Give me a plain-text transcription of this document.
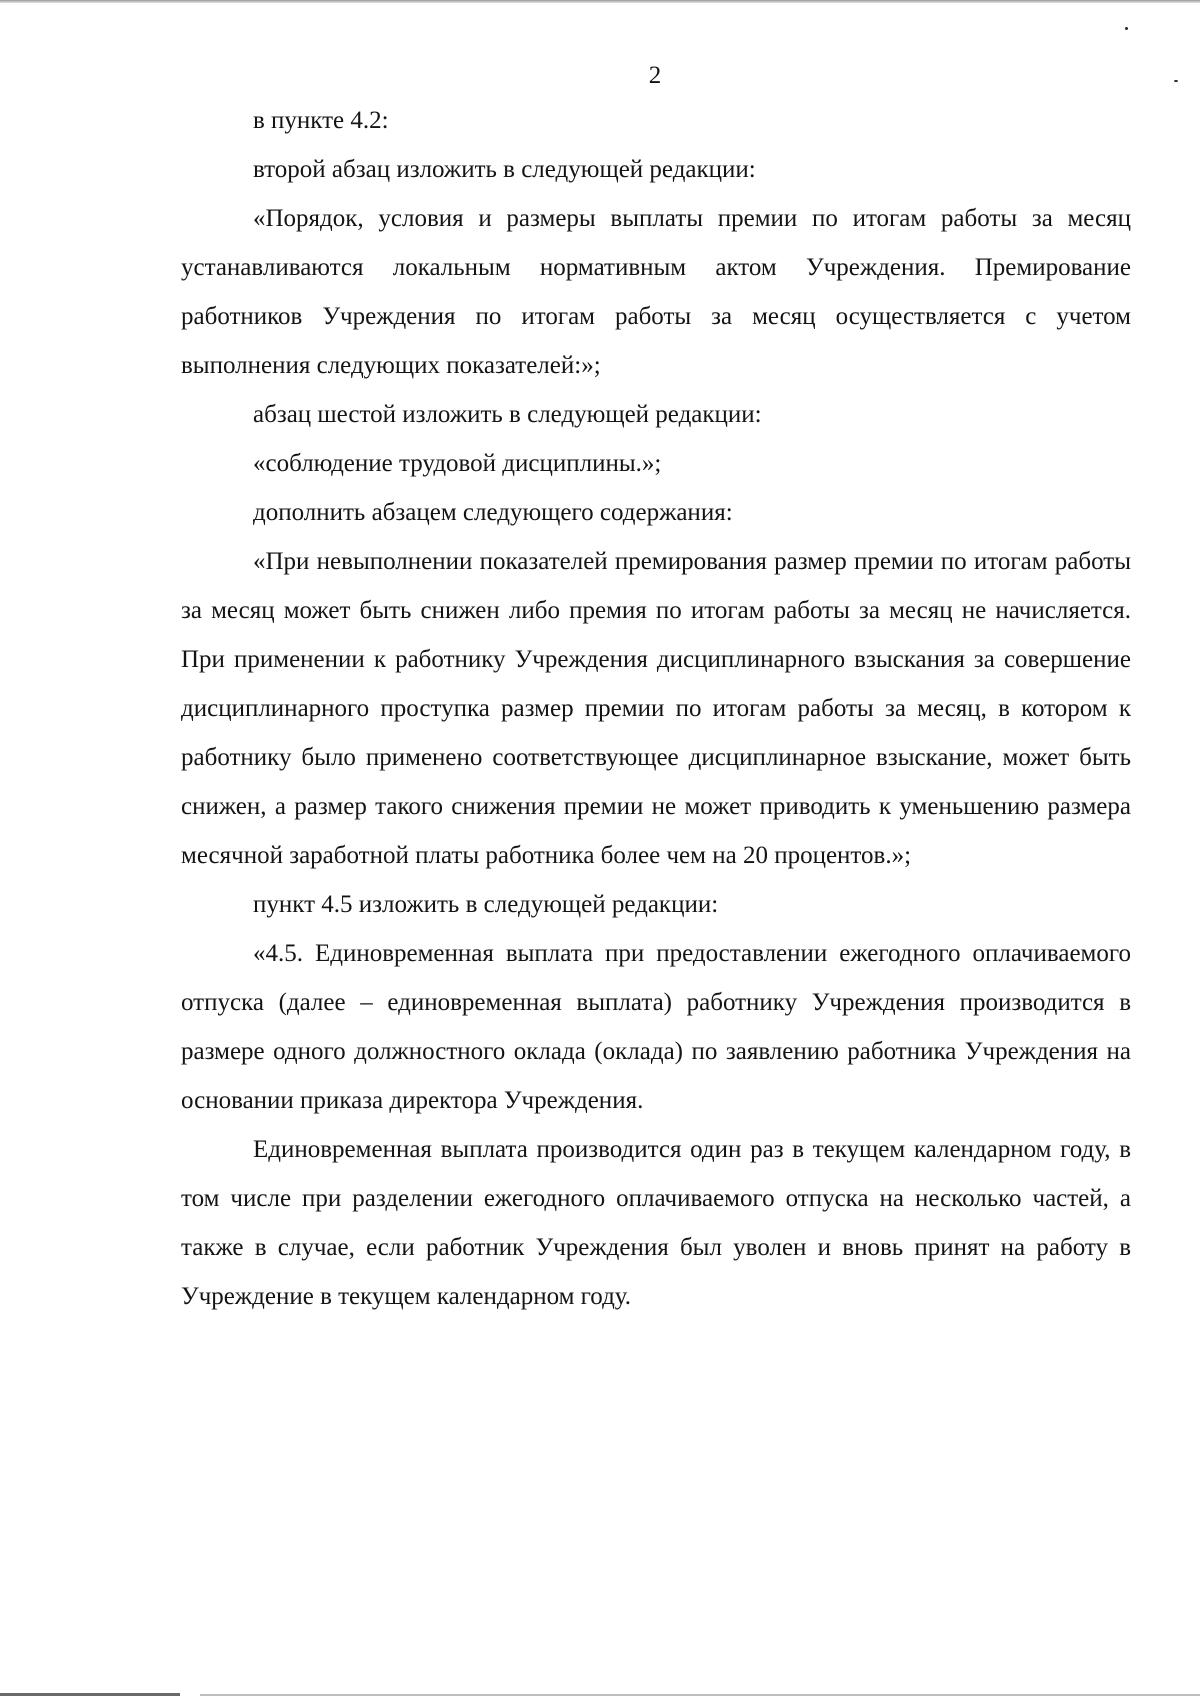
2

в пункте 4.2:

второй абзац изложить в следующей редакции:

«Порядок, условия и размеры выплаты премии по итогам работы за месяц устанавливаются локальным нормативным актом Учреждения. Премирование работников Учреждения по итогам работы за месяц осуществляется с учетом выполнения следующих показателей:»;

абзац шестой изложить в следующей редакции:

«соблюдение трудовой дисциплины.»;

дополнить абзацем следующего содержания:

«При невыполнении показателей премирования размер премии по итогам работы за месяц может быть снижен либо премия по итогам работы за месяц не начисляется. При применении к работнику Учреждения дисциплинарного взыскания за совершение дисциплинарного проступка размер премии по итогам работы за месяц, в котором к работнику было применено соответствующее дисциплинарное взыскание, может быть снижен, а размер такого снижения премии не может приводить к уменьшению размера месячной заработной платы работника более чем на 20 процентов.»;

пункт 4.5 изложить в следующей редакции:

«4.5. Единовременная выплата при предоставлении ежегодного оплачиваемого отпуска (далее – единовременная выплата) работнику Учреждения производится в размере одного должностного оклада (оклада) по заявлению работника Учреждения на основании приказа директора Учреждения.

Единовременная выплата производится один раз в текущем календарном году, в том числе при разделении ежегодного оплачиваемого отпуска на несколько частей, а также в случае, если работник Учреждения был уволен и вновь принят на работу в Учреждение в текущем календарном году.
